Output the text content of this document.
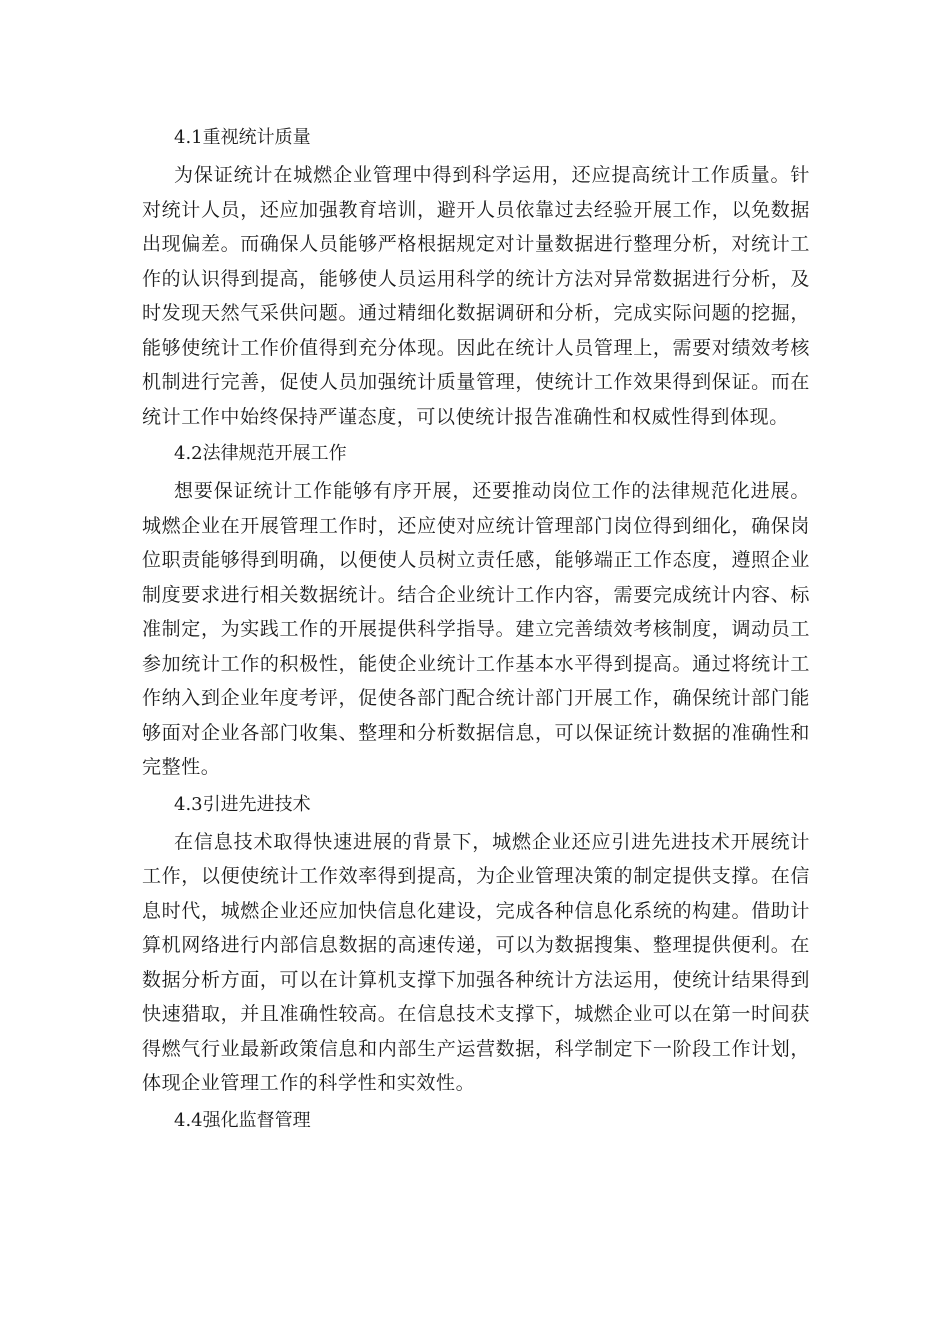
4.1重视统计质量

为保证统计在城燃企业管理中得到科学运用，还应提高统计工作质量。针对统计人员，还应加强教育培训，避开人员依靠过去经验开展工作，以免数据出现偏差。而确保人员能够严格根据规定对计量数据进行整理分析，对统计工作的认识得到提高，能够使人员运用科学的统计方法对异常数据进行分析，及时发现天然气采供问题。通过精细化数据调研和分析，完成实际问题的挖掘，能够使统计工作价值得到充分体现。因此在统计人员管理上，需要对绩效考核机制进行完善，促使人员加强统计质量管理，使统计工作效果得到保证。而在统计工作中始终保持严谨态度，可以使统计报告准确性和权威性得到体现。

4.2法律规范开展工作

想要保证统计工作能够有序开展，还要推动岗位工作的法律规范化进展。城燃企业在开展管理工作时，还应使对应统计管理部门岗位得到细化，确保岗位职责能够得到明确，以便使人员树立责任感，能够端正工作态度，遵照企业制度要求进行相关数据统计。结合企业统计工作内容，需要完成统计内容、标准制定，为实践工作的开展提供科学指导。建立完善绩效考核制度，调动员工参加统计工作的积极性，能使企业统计工作基本水平得到提高。通过将统计工作纳入到企业年度考评，促使各部门配合统计部门开展工作，确保统计部门能够面对企业各部门收集、整理和分析数据信息，可以保证统计数据的准确性和完整性。

4.3引进先进技术

在信息技术取得快速进展的背景下，城燃企业还应引进先进技术开展统计工作，以便使统计工作效率得到提高，为企业管理决策的制定提供支撑。在信息时代，城燃企业还应加快信息化建设，完成各种信息化系统的构建。借助计算机网络进行内部信息数据的高速传递，可以为数据搜集、整理提供便利。在数据分析方面，可以在计算机支撑下加强各种统计方法运用，使统计结果得到快速猎取，并且准确性较高。在信息技术支撑下，城燃企业可以在第一时间获得燃气行业最新政策信息和内部生产运营数据，科学制定下一阶段工作计划，体现企业管理工作的科学性和实效性。

4.4强化监督管理
